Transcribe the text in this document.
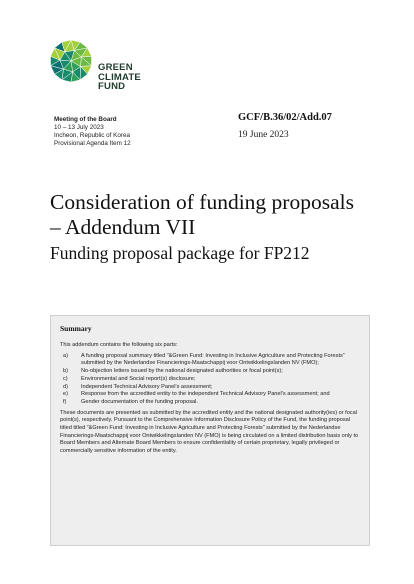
GREEN
CLIMATE
FUND
Meeting of the Board
10 – 13 July 2023
Incheon, Republic of Korea
Provisional Agenda Item 12
GCF/B.36/02/Add.07
19 June 2023
Consideration of funding proposals – Addendum VII
Funding proposal package for FP212
Summary
This addendum contains the following six parts:
a)	A funding proposal summary titled “&Green Fund: Investing in Inclusive Agriculture and Protecting Forests” submitted by the Nederlandse Financierings-Maatschappij voor Ontwikkelingslanden NV (FMO);
b)	No-objection letters issued by the national designated authorities or focal point(s);
c)	Environmental and Social report(s) disclosure;
d)	Independent Technical Advisory Panel’s assessment;
e)	Response from the accredited entity to the independent Technical Advisory Panel’s assessment; and
f)	Gender documentation of the funding proposal.

These documents are presented as submitted by the accredited entity and the national designated authority(ies) or focal point(s), respectively. Pursuant to the Comprehensive Information Disclosure Policy of the Fund, the funding proposal titled titled “&Green Fund: Investing in Inclusive Agriculture and Protecting Forests” submitted by the Nederlandse Financierings-Maatschappij voor Ontwikkelingslanden NV (FMO) is being circulated on a limited distribution basis only to Board Members and Alternate Board Members to ensure confidentiality of certain proprietary, legally privileged or commercially sensitive information of the entity.
